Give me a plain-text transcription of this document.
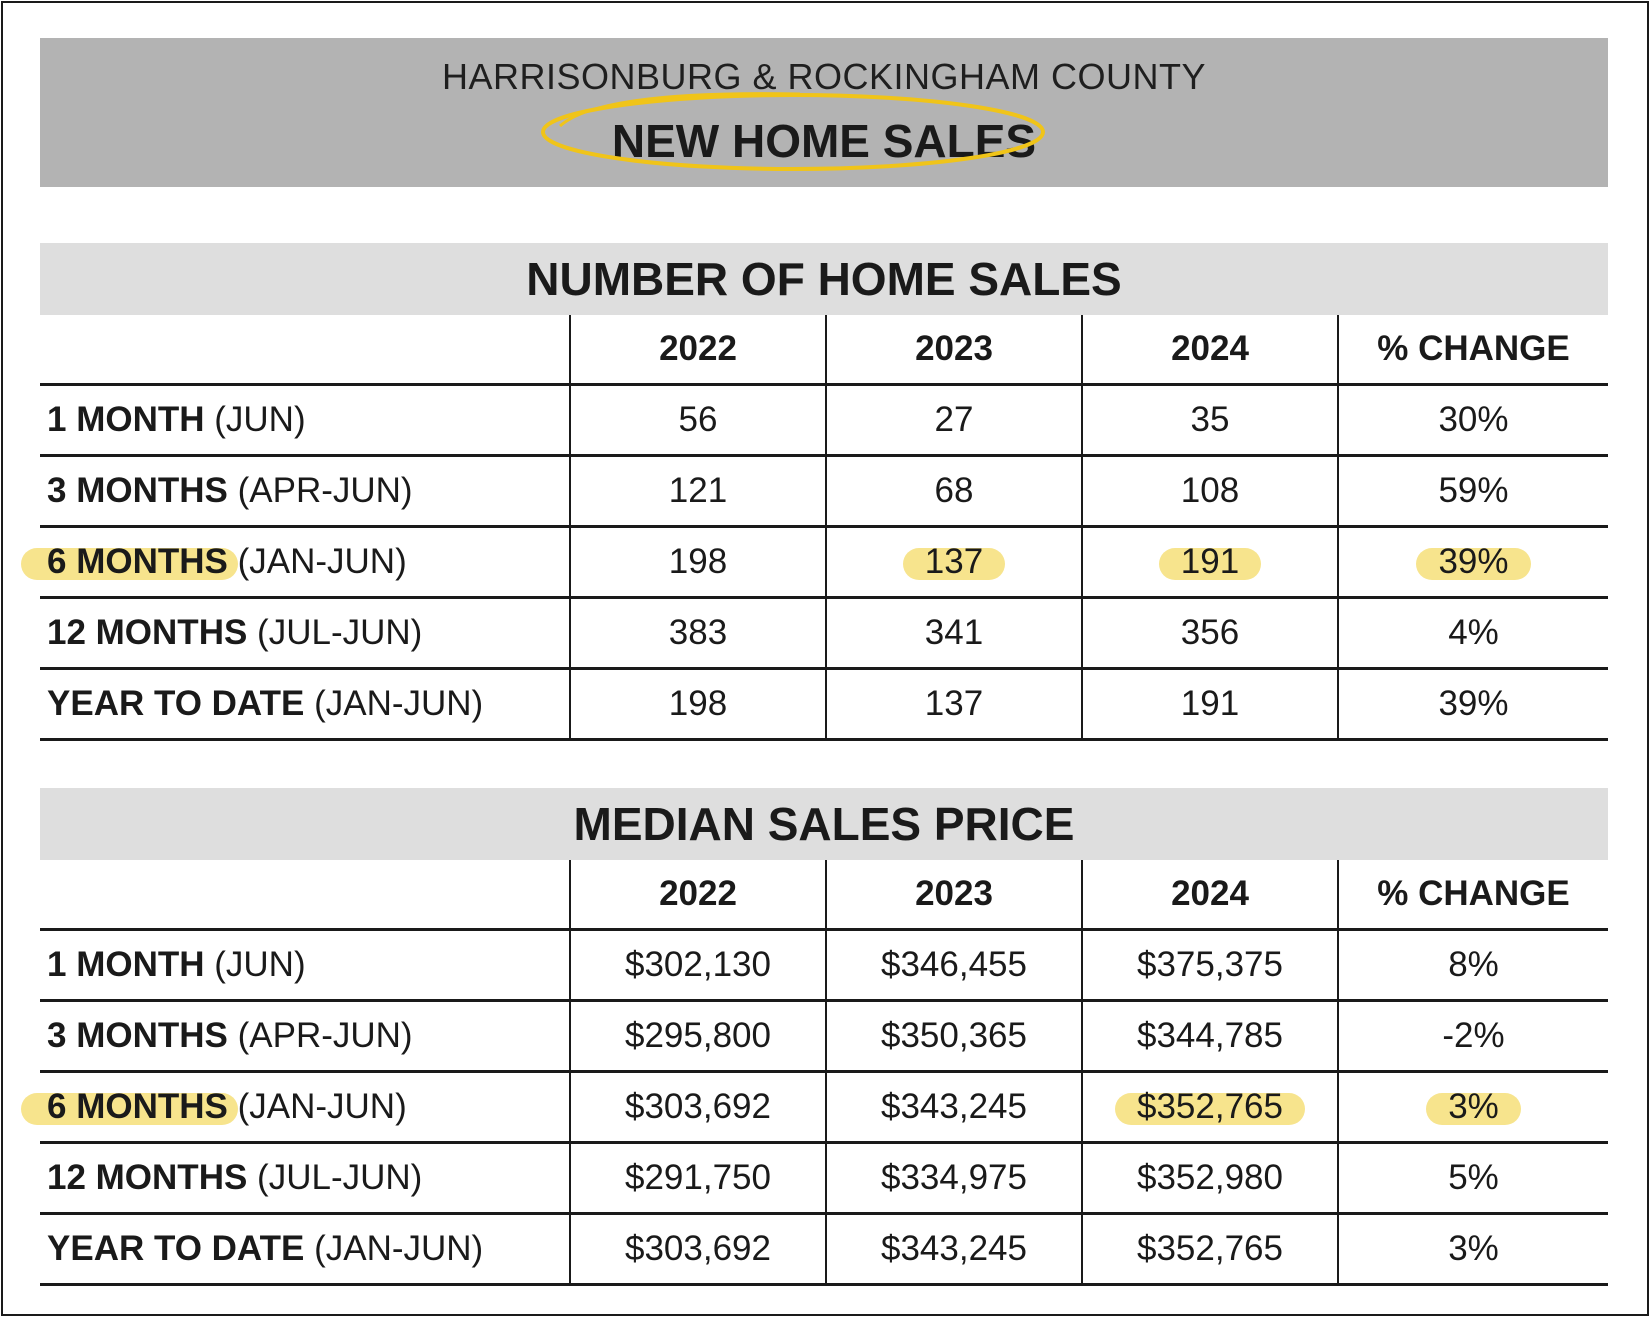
HARRISONBURG & ROCKINGHAM COUNTY
NEW HOME SALES
NUMBER OF HOME SALES
	2022	2023	2024	% CHANGE
1 MONTH (JUN)	56	27	35	30%
3 MONTHS (APR-JUN)	121	68	108	59%
6 MONTHS (JAN-JUN)	198	137	191	39%
12 MONTHS (JUL-JUN)	383	341	356	4%
YEAR TO DATE (JAN-JUN)	198	137	191	39%
MEDIAN SALES PRICE
	2022	2023	2024	% CHANGE
1 MONTH (JUN)	$302,130	$346,455	$375,375	8%
3 MONTHS (APR-JUN)	$295,800	$350,365	$344,785	-2%
6 MONTHS (JAN-JUN)	$303,692	$343,245	$352,765	3%
12 MONTHS (JUL-JUN)	$291,750	$334,975	$352,980	5%
YEAR TO DATE (JAN-JUN)	$303,692	$343,245	$352,765	3%
